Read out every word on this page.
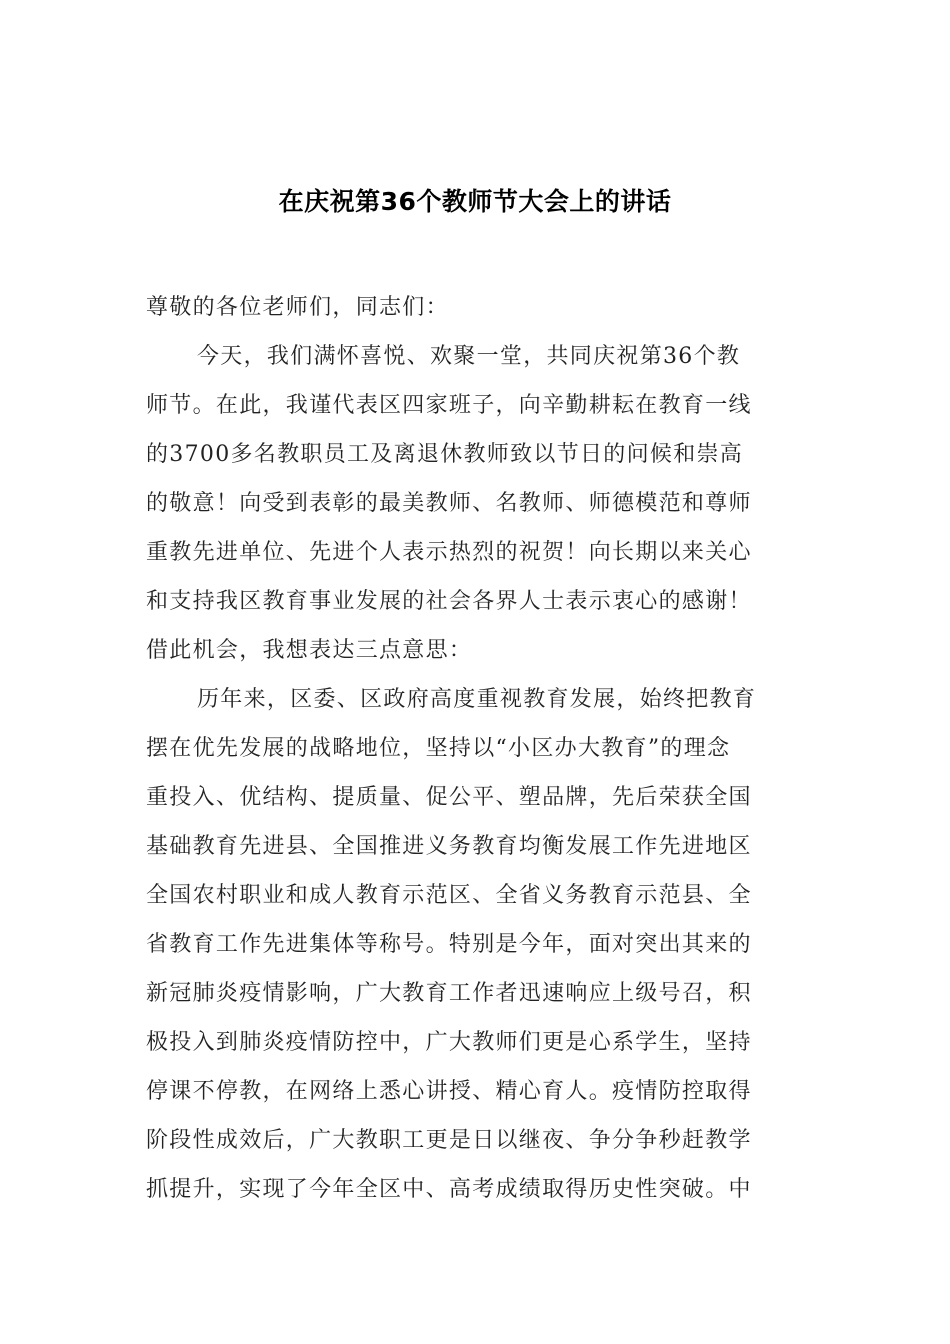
在庆祝第36个教师节大会上的讲话
尊敬的各位老师们，同志们：
今天，我们满怀喜悦、欢聚一堂，共同庆祝第36个教
师节。在此，我谨代表区四家班子，向辛勤耕耘在教育一线
的3700多名教职员工及离退休教师致以节日的问候和崇高
的敬意！向受到表彰的最美教师、名教师、师德模范和尊师
重教先进单位、先进个人表示热烈的祝贺！向长期以来关心
和支持我区教育事业发展的社会各界人士表示衷心的感谢！
借此机会，我想表达三点意思：
历年来，区委、区政府高度重视教育发展，始终把教育
摆在优先发展的战略地位，坚持以“小区办大教育”的理念
重投入、优结构、提质量、促公平、塑品牌，先后荣获全国
基础教育先进县、全国推进义务教育均衡发展工作先进地区
全国农村职业和成人教育示范区、全省义务教育示范县、全
省教育工作先进集体等称号。特别是今年，面对突出其来的
新冠肺炎疫情影响，广大教育工作者迅速响应上级号召，积
极投入到肺炎疫情防控中，广大教师们更是心系学生，坚持
停课不停教，在网络上悉心讲授、精心育人。疫情防控取得
阶段性成效后，广大教职工更是日以继夜、争分争秒赶教学
抓提升，实现了今年全区中、高考成绩取得历史性突破。中
